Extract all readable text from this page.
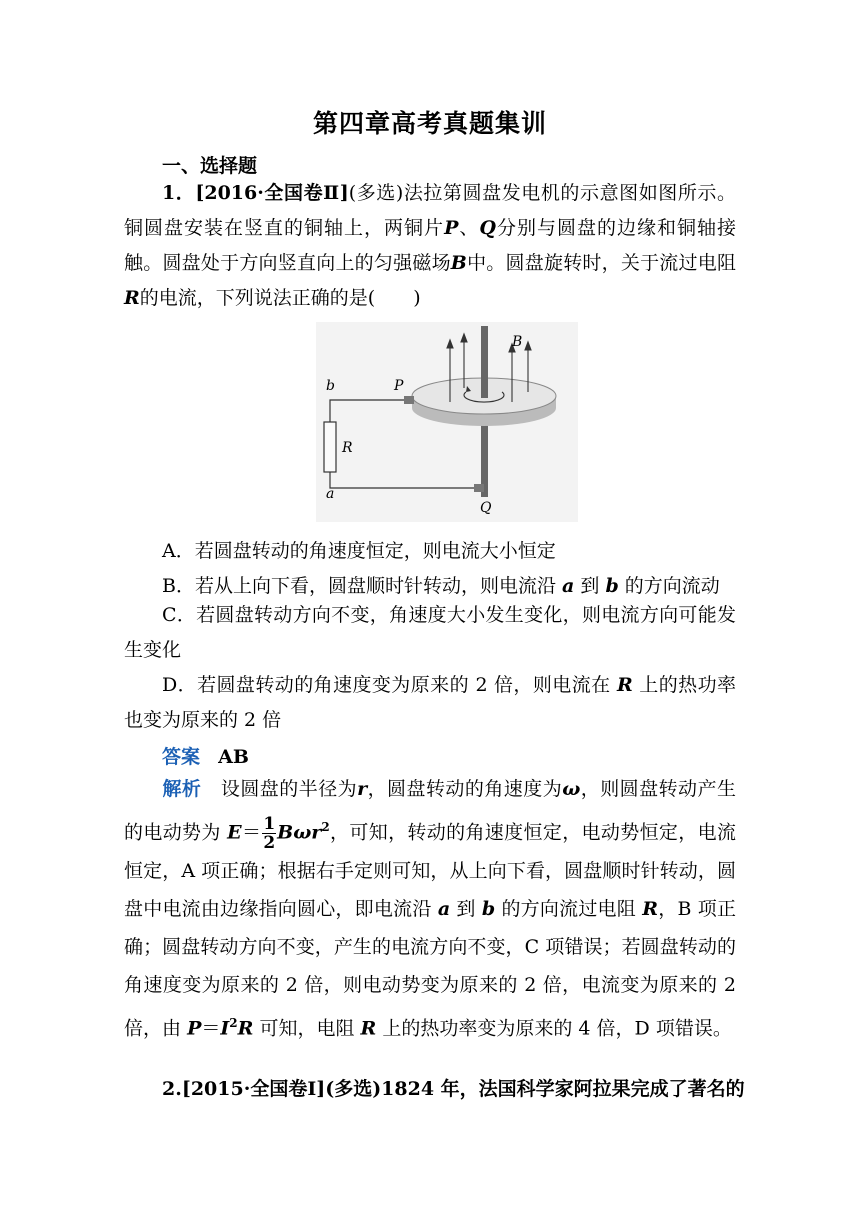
第四章高考真题集训
一、选择题
1．[2016·全国卷Ⅱ](多选)法拉第圆盘发电机的示意图如图所示。铜圆盘安装在竖直的铜轴上，两铜片P、Q分别与圆盘的边缘和铜轴接触。圆盘处于方向竖直向上的匀强磁场B中。圆盘旋转时，关于流过电阻R的电流，下列说法正确的是(　　)
b	P
B
R
a
Q
A．若圆盘转动的角速度恒定，则电流大小恒定
B．若从上向下看，圆盘顺时针转动，则电流沿 a 到 b 的方向流动
C．若圆盘转动方向不变，角速度大小发生变化，则电流方向可能发生变化
D．若圆盘转动的角速度变为原来的 2 倍，则电流在 R 上的热功率也变为原来的 2 倍
答案 AB
解析 设圆盘的半径为r，圆盘转动的角速度为ω，则圆盘转动产生的电动势为 $E= \frac{1}{2} B\omega r^2$，可知，转动的角速度恒定，电动势恒定，电流恒定，A 项正确；根据右手定则可知，从上向下看，圆盘顺时针转动，圆盘中电流由边缘指向圆心，即电流沿 a 到 b 的方向流过电阻 R，B 项正确；圆盘转动方向不变，产生的电流方向不变，C 项错误；若圆盘转动的角速度变为原来的 2 倍，则电动势变为原来的 2 倍，电流变为原来的 2 倍，由 $P=I^2R$ 可知，电阻 R 上的热功率变为原来的 4 倍，D 项错误。
2.[2015·全国卷Ⅰ](多选)1824 年，法国科学家阿拉果完成了著名的
